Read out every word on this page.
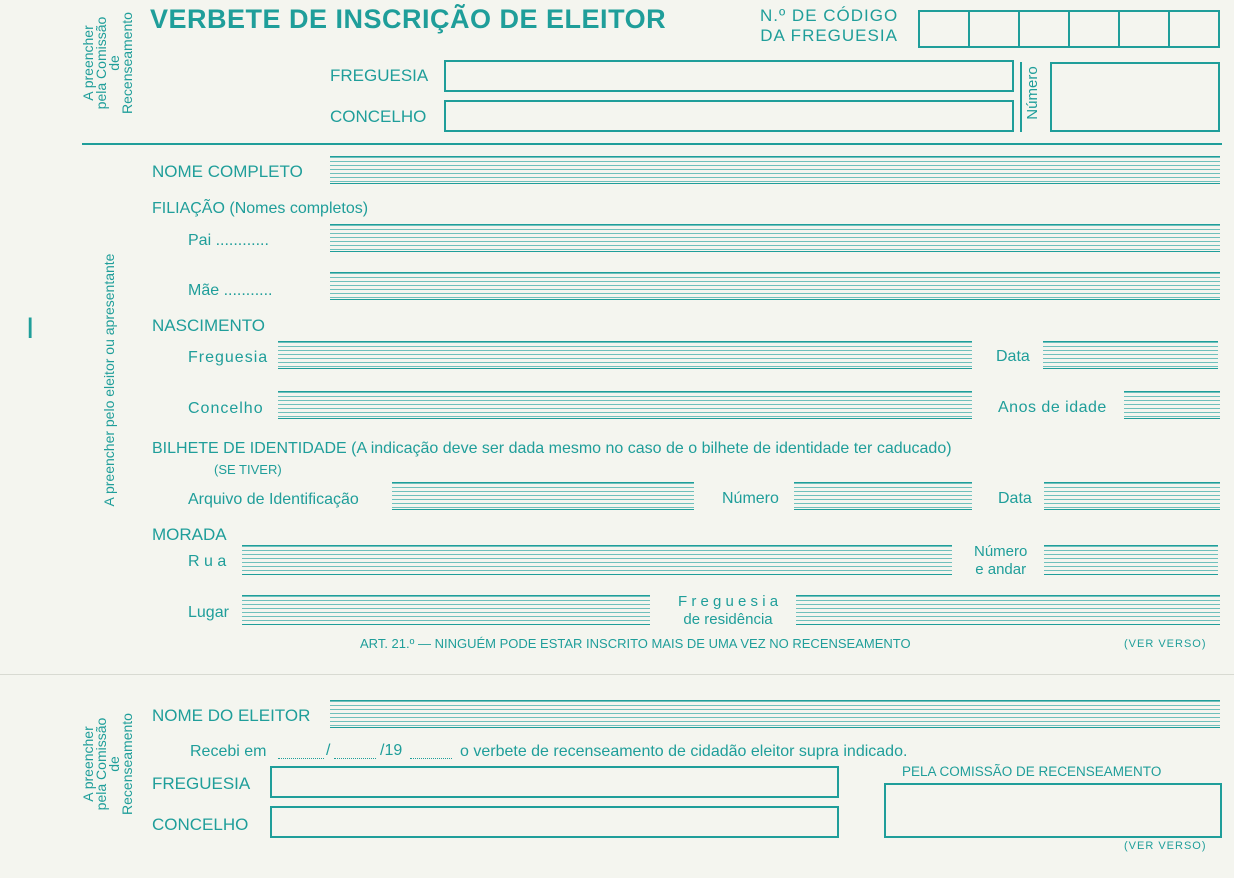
A preencher
pela Comissão
de
Recenseamento VERBETE DE INSCRIÇÃO DE ELEITOR	N.º DE CÓDIGO
DA FREGUESIA
FREGUESIA
CONCELHO	Número
A preencher pelo eleitor ou apresentante
I
NOME COMPLETO
FILIAÇÃO (Nomes completos)
Pai ............
Mãe ...........
NASCIMENTO
Freguesia	Data
Concelho	Anos de idade
BILHETE DE IDENTIDADE (A indicação deve ser dada mesmo no caso de o bilhete de identidade ter caducado)
(SE TIVER)
Arquivo de Identificação	Número	Data
MORADA
R u a
Número
e andar
Lugar
F r e g u e s i a
de residência
ART. 21.º — NINGUÉM PODE ESTAR INSCRITO MAIS DE UMA VEZ NO RECENSEAMENTO	(VER VERSO)
A preencher
pela Comissão
de
Recenseamento NOME DO ELEITOR
Recebi em	/	/19	o verbete de recenseamento de cidadão eleitor supra indicado.
FREGUESIA
CONCELHO
PELA COMISSÃO DE RECENSEAMENTO
(VER VERSO)
